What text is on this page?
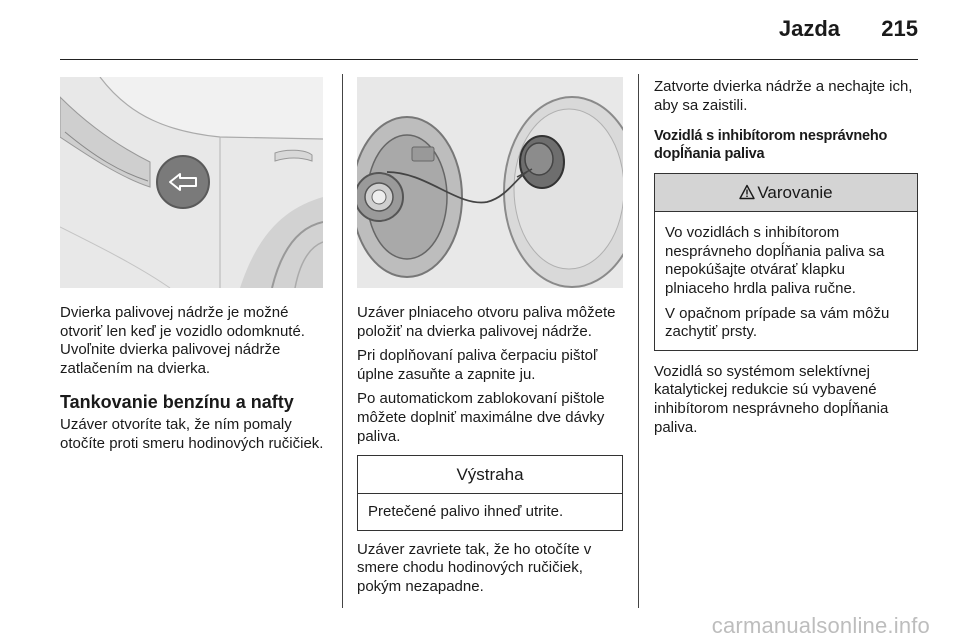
Jazda 215

Dvierka palivovej nádrže je možné otvoriť len keď je vozidlo odomknuté. Uvoľnite dvierka palivovej nádrže zatlačením na dvierka.

Tankovanie benzínu a nafty

Uzáver otvoríte tak, že ním pomaly otočíte proti smeru hodinových ručičiek.

Uzáver plniaceho otvoru paliva môžete položiť na dvierka palivovej nádrže.

Pri doplňovaní paliva čerpaciu pištoľ úplne zasuňte a zapnite ju.

Po automatickom zablokovaní pištole môžete doplniť maximálne dve dávky paliva.

Výstraha

Pretečené palivo ihneď utrite.

Uzáver zavriete tak, že ho otočíte v smere chodu hodinových ručičiek, pokým nezapadne.

Zatvorte dvierka nádrže a nechajte ich, aby sa zaistili.

Vozidlá s inhibítorom nesprávneho dopĺňania paliva
Varovanie

Vo vozidlách s inhibítorom nesprávneho dopĺňania paliva sa nepokúšajte otvárať klapku plniaceho hrdla paliva ručne.

V opačnom prípade sa vám môžu zachytiť prsty.

Vozidlá so systémom selektívnej katalytickej redukcie sú vybavené inhibítorom nesprávneho dopĺňania paliva.

carmanualsonline.info
